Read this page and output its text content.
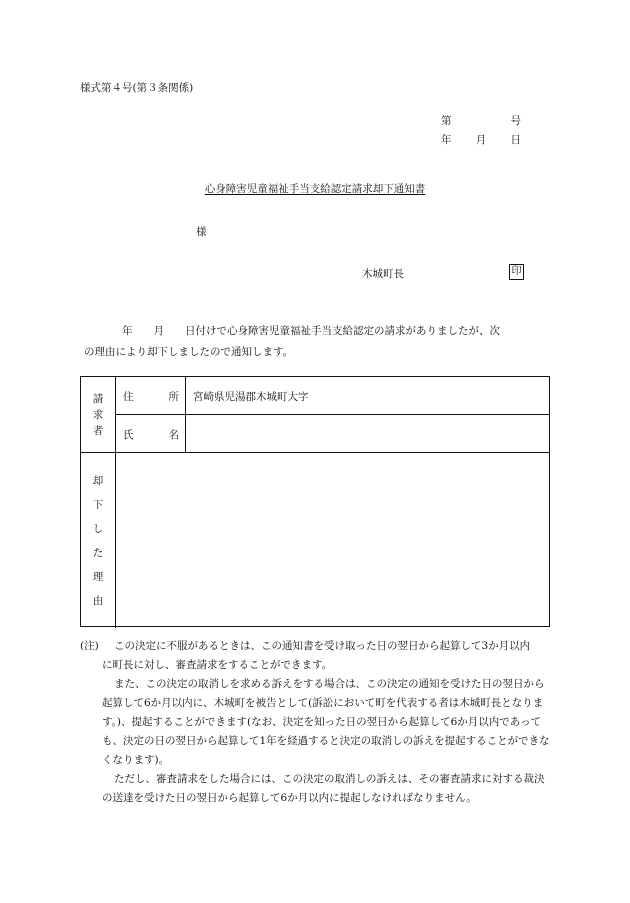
様式第４号(第３条関係)
第	号
年 月 日
心身障害児童福祉手当支給認定請求却下通知書
様
木城町長	印

年　　月　　日付けで心身障害児童福祉手当支給認定の請求がありましたが、次

の理由により却下しましたので通知します。

請
求
者
住	所 宮崎県児湯郡木城町大字
氏	名
却
下
し
た
理
由
(注)	この決定に不服があるときは、この通知書を受け取った日の翌日から起算して3か月以内
に町長に対し、審査請求をすることができます。
また、この決定の取消しを求める訴えをする場合は、この決定の通知を受けた日の翌日から起算して6か月以内に、木城町を被告として(訴訟において町を代表する者は木城町長となります。)、提起することができます(なお、決定を知った日の翌日から起算して6か月以内であっても、決定の日の翌日から起算して1年を経過すると決定の取消しの訴えを提起することができなくなります)。
ただし、審査請求をした場合には、この決定の取消しの訴えは、その審査請求に対する裁決の送達を受けた日の翌日から起算して6か月以内に提起しなければなりません。
